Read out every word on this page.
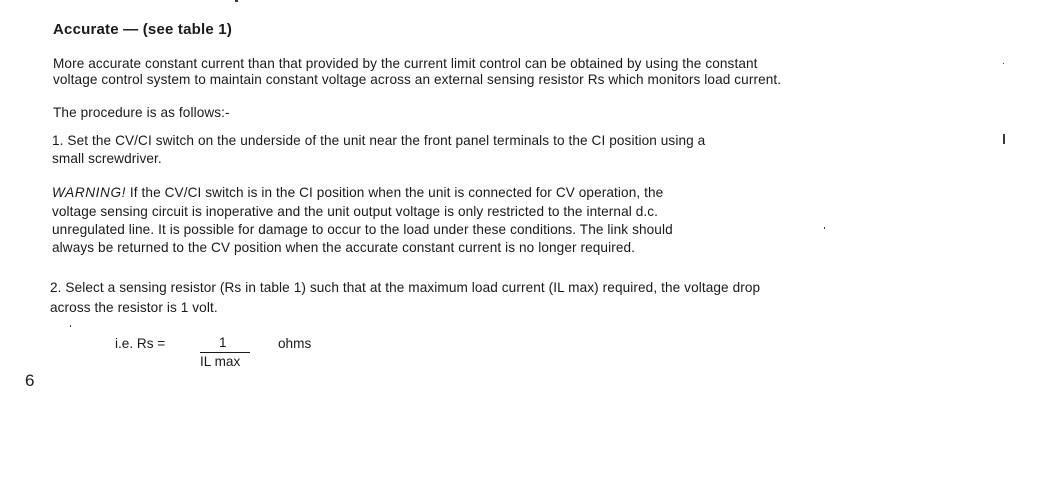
Accurate — (see table 1)
More accurate constant current than that provided by the current limit control can be obtained by using the constant
voltage control system to maintain constant voltage across an external sensing resistor Rs which monitors load current.
The procedure is as follows:-
1. Set the CV/CI switch on the underside of the unit near the front panel terminals to the CI position using a
small screwdriver.
WARNING! If the CV/CI switch is in the CI position when the unit is connected for CV operation, the
voltage sensing circuit is inoperative and the unit output voltage is only restricted to the internal d.c.
unregulated line. It is possible for damage to occur to the load under these conditions. The link should
always be returned to the CV position when the accurate constant current is no longer required.
2. Select a sensing resistor (Rs in table 1) such that at the maximum load current (IL max) required, the voltage drop
across the resistor is 1 volt.
i.e. Rs =	1
IL max
ohms
6
